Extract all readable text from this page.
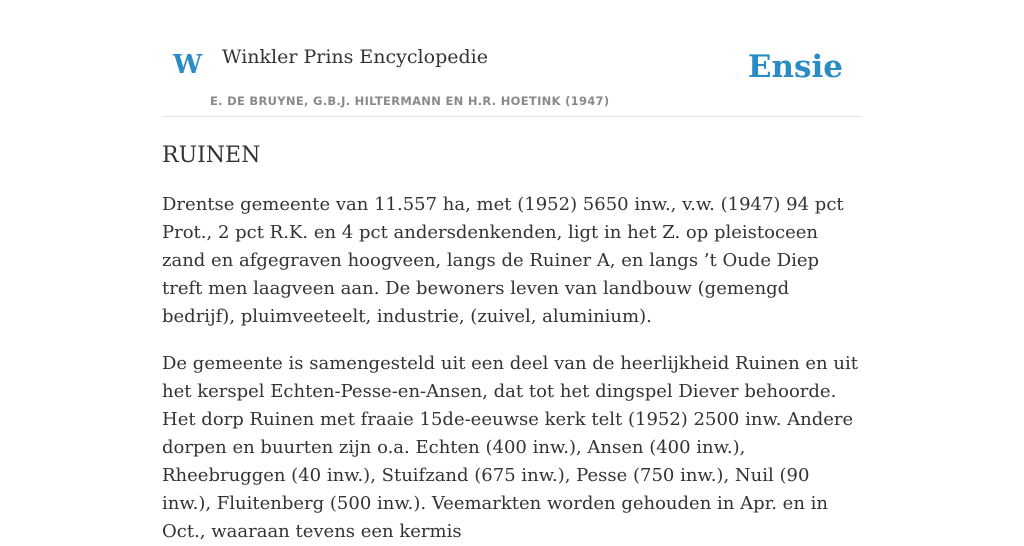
W Winkler Prins Encyclopedie
E. DE BRUYNE, G.B.J. HILTERMANN EN H.R. HOETINK (1947)
Ensie
RUINEN

Drentse gemeente van 11.557 ha, met (1952) 5650 inw., v.w. (1947) 94 pct Prot., 2 pct R.K. en 4 pct andersdenkenden, ligt in het Z. op pleistoceen zand en afgegraven hoogveen, langs de Ruiner A, en langs ’t Oude Diep treft men laagveen aan. De bewoners leven van landbouw (gemengd bedrijf), pluimveeteelt, industrie, (zuivel, aluminium).

De gemeente is samengesteld uit een deel van de heerlijkheid Ruinen en uit het kerspel Echten-Pesse-en-Ansen, dat tot het dingspel Diever behoorde. Het dorp Ruinen met fraaie 15de-eeuwse kerk telt (1952) 2500 inw. Andere dorpen en buurten zijn o.a. Echten (400 inw.), Ansen (400 inw.), Rheebruggen (40 inw.), Stuifzand (675 inw.), Pesse (750 inw.), Nuil (90 inw.), Fluitenberg (500 inw.). Veemarkten worden gehouden in Apr. en in Oct., waaraan tevens een kermis
